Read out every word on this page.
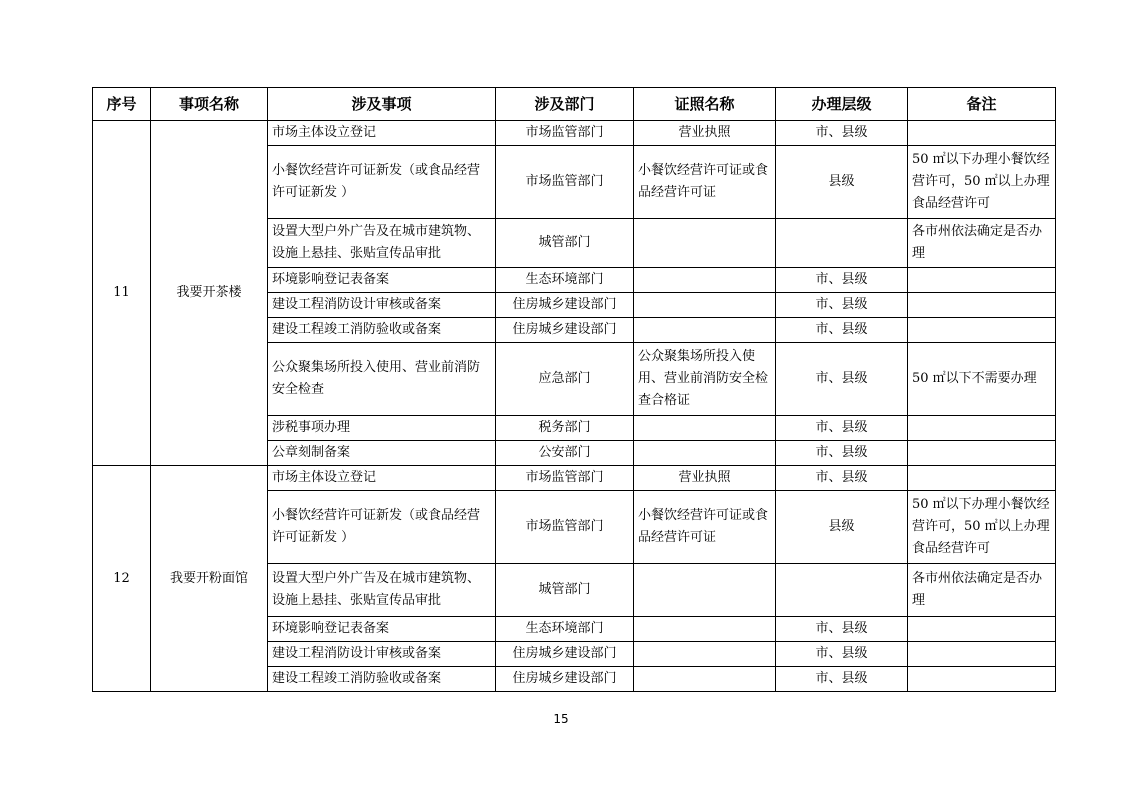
序号	事项名称	涉及事项	涉及部门	证照名称	办理层级	备注
11	我要开茶楼	市场主体设立登记	市场监管部门	营业执照	市、县级	
		小餐饮经营许可证新发（或食品经营许可证新发 ）	市场监管部门	小餐饮经营许可证或食品经营许可证	县级	50 ㎡以下办理小餐饮经营许可，50 ㎡以上办理食品经营许可
		设置大型户外广告及在城市建筑物、设施上悬挂、张贴宣传品审批	城管部门			各市州依法确定是否办理
		环境影响登记表备案	生态环境部门		市、县级	
		建设工程消防设计审核或备案	住房城乡建设部门		市、县级	
		建设工程竣工消防验收或备案	住房城乡建设部门		市、县级	
		公众聚集场所投入使用、营业前消防安全检查	应急部门	公众聚集场所投入使用、营业前消防安全检查合格证	市、县级	50 ㎡以下不需要办理
		涉税事项办理	税务部门		市、县级	
		公章刻制备案	公安部门		市、县级	
12	我要开粉面馆	市场主体设立登记	市场监管部门	营业执照	市、县级	
		小餐饮经营许可证新发（或食品经营许可证新发 ）	市场监管部门	小餐饮经营许可证或食品经营许可证	县级	50 ㎡以下办理小餐饮经营许可，50 ㎡以上办理食品经营许可
		设置大型户外广告及在城市建筑物、设施上悬挂、张贴宣传品审批	城管部门			各市州依法确定是否办理
		环境影响登记表备案	生态环境部门		市、县级	
		建设工程消防设计审核或备案	住房城乡建设部门		市、县级	
		建设工程竣工消防验收或备案	住房城乡建设部门		市、县级	
15
